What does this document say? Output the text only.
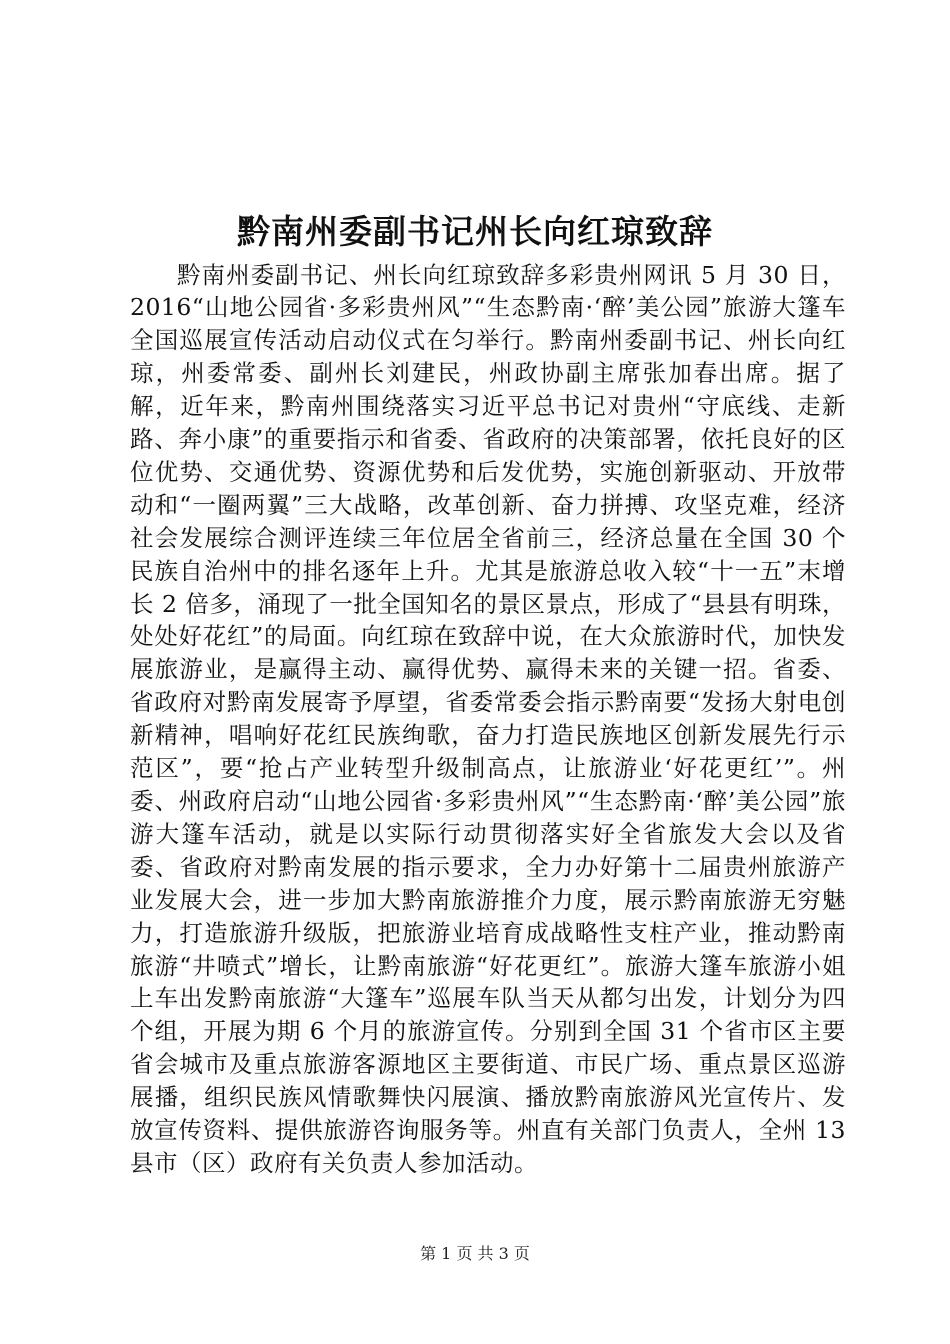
黔南州委副书记州长向红琼致辞

黔南州委副书记、州长向红琼致辞多彩贵州网讯 5 月 30 日，2016“山地公园省·多彩贵州风”“生态黔南·‘醉’美公园”旅游大篷车全国巡展宣传活动启动仪式在匀举行。黔南州委副书记、州长向红琼，州委常委、副州长刘建民，州政协副主席张加春出席。据了解，近年来，黔南州围绕落实习近平总书记对贵州“守底线、走新路、奔小康”的重要指示和省委、省政府的决策部署，依托良好的区位优势、交通优势、资源优势和后发优势，实施创新驱动、开放带动和“一圈两翼”三大战略，改革创新、奋力拼搏、攻坚克难，经济社会发展综合测评连续三年位居全省前三，经济总量在全国 30 个民族自治州中的排名逐年上升。尤其是旅游总收入较“十一五”末增长 2 倍多，涌现了一批全国知名的景区景点，形成了“县县有明珠，处处好花红”的局面。向红琼在致辞中说，在大众旅游时代，加快发展旅游业，是赢得主动、赢得优势、赢得未来的关键一招。省委、省政府对黔南发展寄予厚望，省委常委会指示黔南要“发扬大射电创新精神，唱响好花红民族绚歌，奋力打造民族地区创新发展先行示范区”，要“抢占产业转型升级制高点，让旅游业‘好花更红’”。州委、州政府启动“山地公园省·多彩贵州风”“生态黔南·‘醉’美公园”旅游大篷车活动，就是以实际行动贯彻落实好全省旅发大会以及省委、省政府对黔南发展的指示要求，全力办好第十二届贵州旅游产业发展大会，进一步加大黔南旅游推介力度，展示黔南旅游无穷魅力，打造旅游升级版，把旅游业培育成战略性支柱产业，推动黔南旅游“井喷式”增长，让黔南旅游“好花更红”。旅游大篷车旅游小姐上车出发黔南旅游“大篷车”巡展车队当天从都匀出发，计划分为四个组，开展为期 6 个月的旅游宣传。分别到全国 31 个省市区主要省会城市及重点旅游客源地区主要街道、市民广场、重点景区巡游展播，组织民族风情歌舞快闪展演、播放黔南旅游风光宣传片、发放宣传资料、提供旅游咨询服务等。州直有关部门负责人，全州 13 县市（区）政府有关负责人参加活动。

第 1 页 共 3 页
